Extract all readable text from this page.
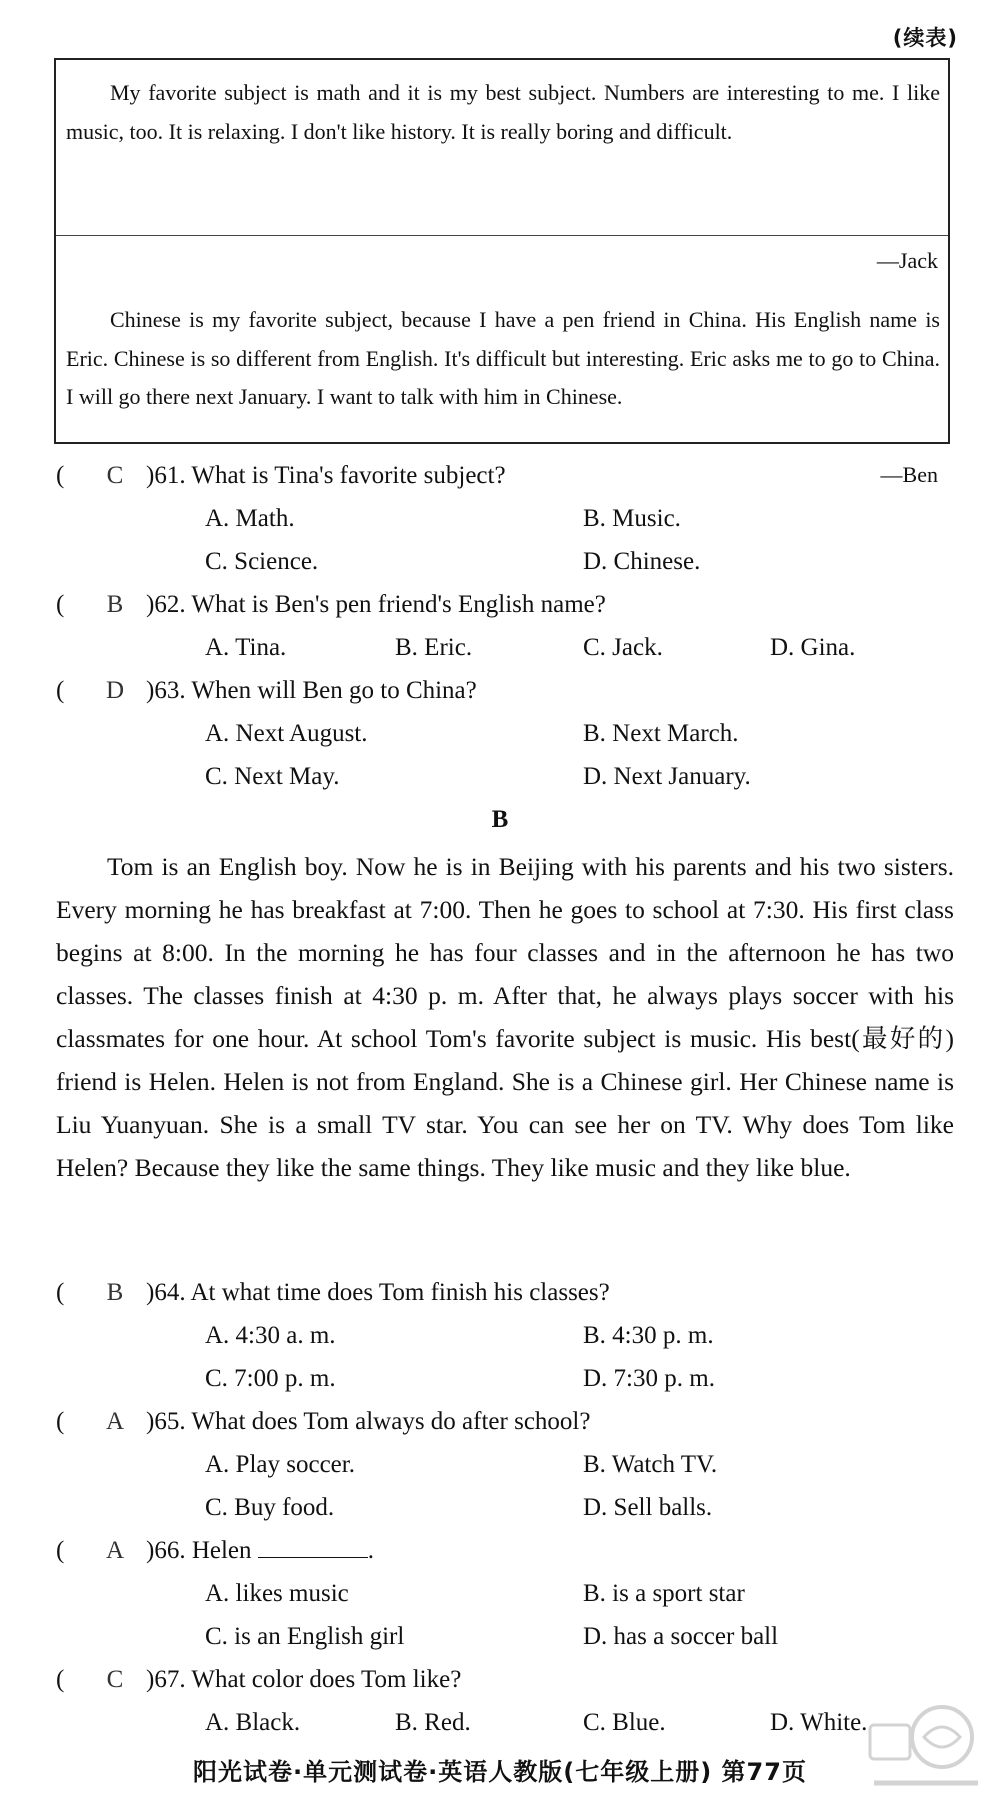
(续表)

My favorite subject is math and it is my best subject. Numbers are interesting to me. I like music, too. It is relaxing. I don't like history. It is really boring and difficult.

—Jack

Chinese is my favorite subject, because I have a pen friend in China. His English name is Eric. Chinese is so different from English. It's difficult but interesting. Eric asks me to go to China. I will go there next January. I want to talk with him in Chinese.

—Ben
( C )61. What is Tina's favorite subject?
A. Math.	B. Music.
C. Science.	D. Chinese.
( B )62. What is Ben's pen friend's English name?
A. Tina.	B. Eric.	C. Jack.	D. Gina.
( D )63. When will Ben go to China?
A. Next August.	B. Next March.
C. Next May.	D. Next January.
B

Tom is an English boy. Now he is in Beijing with his parents and his two sisters. Every morning he has breakfast at 7:00. Then he goes to school at 7:30. His first class begins at 8:00. In the morning he has four classes and in the afternoon he has two classes. The classes finish at 4:30 p. m. After that, he always plays soccer with his classmates for one hour. At school Tom's favorite subject is music. His best(最好的) friend is Helen. Helen is not from England. She is a Chinese girl. Her Chinese name is Liu Yuanyuan. She is a small TV star. You can see her on TV. Why does Tom like Helen? Because they like the same things. They like music and they like blue.

( B )64. At what time does Tom finish his classes?
A. 4:30 a. m.	B. 4:30 p. m.
C. 7:00 p. m.	D. 7:30 p. m.
( A )65. What does Tom always do after school?
A. Play soccer.	B. Watch TV.
C. Buy food.	D. Sell balls.
( A )66. Helen	.
A. likes music	B. is a sport star
C. is an English girl	D. has a soccer ball
( C )67. What color does Tom like?
A. Black.	B. Red.	C. Blue.	D. White.
阳光试卷·单元测试卷·英语人教版(七年级上册) 第77页
